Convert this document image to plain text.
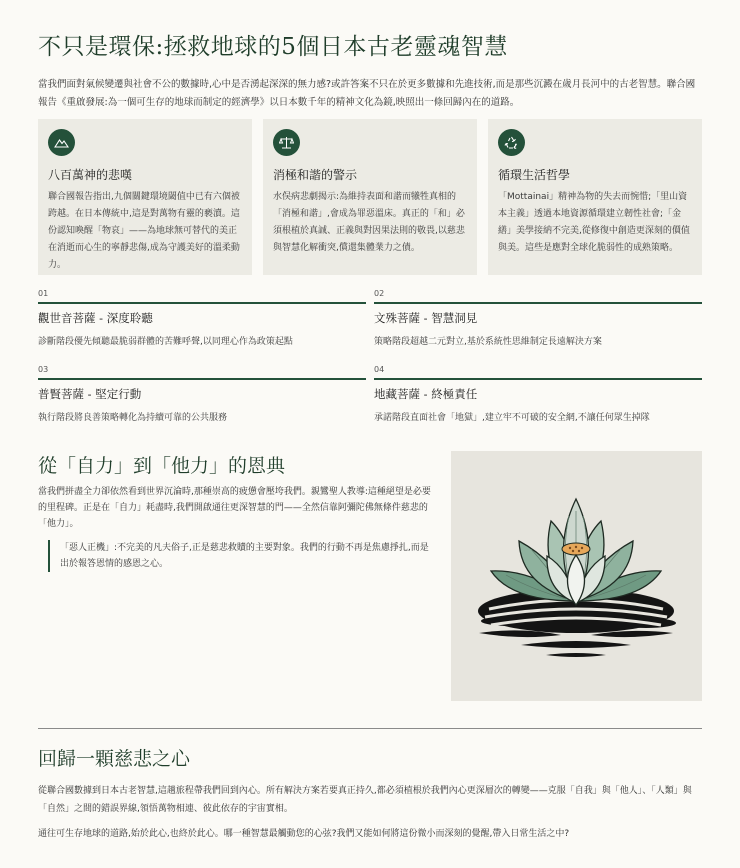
不只是環保:拯救地球的5個日本古老靈魂智慧

當我們面對氣候變遷與社會不公的數據時,心中是否湧起深深的無力感?或許答案不只在於更多數據和先進技術,而是那些沉澱在歲月長河中的古老智慧。聯合國報告《重啟發展:為一個可生存的地球而制定的經濟學》以日本數千年的精神文化為鏡,映照出一條回歸內在的道路。

八百萬神的悲嘆
聯合國報告指出,九個關鍵環境閾值中已有六個被跨越。在日本傳統中,這是對萬物有靈的褻瀆。這份認知喚醒「物哀」——為地球無可替代的美正在消逝而心生的寧靜悲傷,成為守護美好的溫柔動力。
消極和諧的警示
水俣病悲劇揭示:為維持表面和諧而犧牲真相的「消極和諧」,會成為罪惡溫床。真正的「和」必須根植於真誠、正義與對因果法則的敬畏,以慈悲與智慧化解衝突,償還集體業力之債。
循環生活哲學
「Mottainai」精神為物的失去而惋惜;「里山資本主義」透過本地資源循環建立韌性社會;「金繕」美學接納不完美,從修復中創造更深刻的價值與美。這些是應對全球化脆弱性的成熟策略。
01
觀世音菩薩 - 深度聆聽
診斷階段優先傾聽最脆弱群體的苦難呼聲,以同理心作為政策起點
02
文殊菩薩 - 智慧洞見
策略階段超越二元對立,基於系統性思維制定長遠解決方案
03
普賢菩薩 - 堅定行動
執行階段將良善策略轉化為持續可靠的公共服務
04
地藏菩薩 - 終極責任
承諾階段直面社會「地獄」,建立牢不可破的安全網,不讓任何眾生掉隊
從「自力」到「他力」的恩典

當我們拼盡全力卻依然看到世界沉淪時,那種崇高的疲憊會壓垮我們。親鸞聖人教導:這種絕望是必要的里程碑。正是在「自力」耗盡時,我們開啟通往更深智慧的門——全然信靠阿彌陀佛無條件慈悲的「他力」。

「惡人正機」:不完美的凡夫俗子,正是慈悲救贖的主要對象。我們的行動不再是焦慮掙扎,而是出於報答恩情的感恩之心。
回歸一顆慈悲之心

從聯合國數據到日本古老智慧,這趟旅程帶我們回到內心。所有解決方案若要真正持久,都必須植根於我們內心更深層次的轉變——克服「自我」與「他人」、「人類」與「自然」之間的錯誤界線,領悟萬物相連、彼此依存的宇宙實相。

通往可生存地球的道路,始於此心,也終於此心。哪一種智慧最觸動您的心弦?我們又能如何將這份微小而深刻的覺醒,帶入日常生活之中?
